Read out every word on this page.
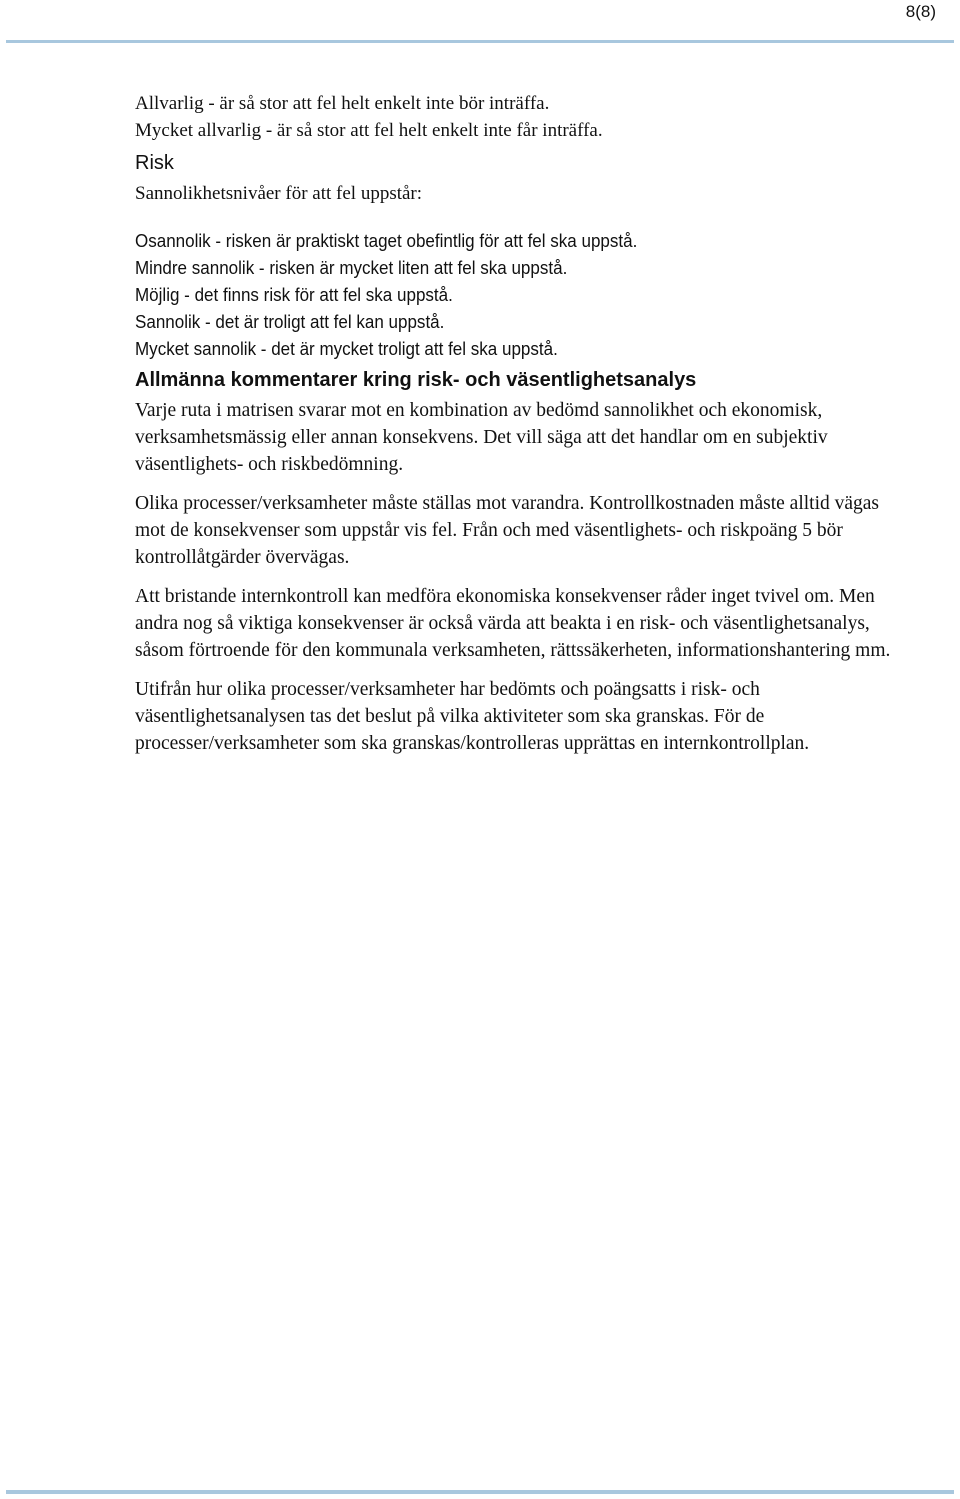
8(8)

Allvarlig - är så stor att fel helt enkelt inte bör inträffa.

Mycket allvarlig - är så stor att fel helt enkelt inte får inträffa.

Risk

Sannolikhetsnivåer för att fel uppstår:

Osannolik - risken är praktiskt taget obefintlig för att fel ska uppstå.

Mindre sannolik - risken är mycket liten att fel ska uppstå.

Möjlig - det finns risk för att fel ska uppstå.

Sannolik - det är troligt att fel kan uppstå.

Mycket sannolik - det är mycket troligt att fel ska uppstå.

Allmänna kommentarer kring risk- och väsentlighetsanalys

Varje ruta i matrisen svarar mot en kombination av bedömd sannolikhet och ekonomisk, verksamhetsmässig eller annan konsekvens. Det vill säga att det handlar om en subjektiv väsentlighets- och riskbedömning.

Olika processer/verksamheter måste ställas mot varandra. Kontrollkostnaden måste alltid vägas mot de konsekvenser som uppstår vis fel. Från och med väsentlighets- och riskpoäng 5 bör kontrollåtgärder övervägas.

Att bristande internkontroll kan medföra ekonomiska konsekvenser råder inget tvivel om. Men andra nog så viktiga konsekvenser är också värda att beakta i en risk- och väsentlighetsanalys, såsom förtroende för den kommunala verksamheten, rättssäkerheten, informationshantering mm.

Utifrån hur olika processer/verksamheter har bedömts och poängsatts i risk- och väsentlighetsanalysen tas det beslut på vilka aktiviteter som ska granskas. För de processer/verksamheter som ska granskas/kontrolleras upprättas en internkontrollplan.
